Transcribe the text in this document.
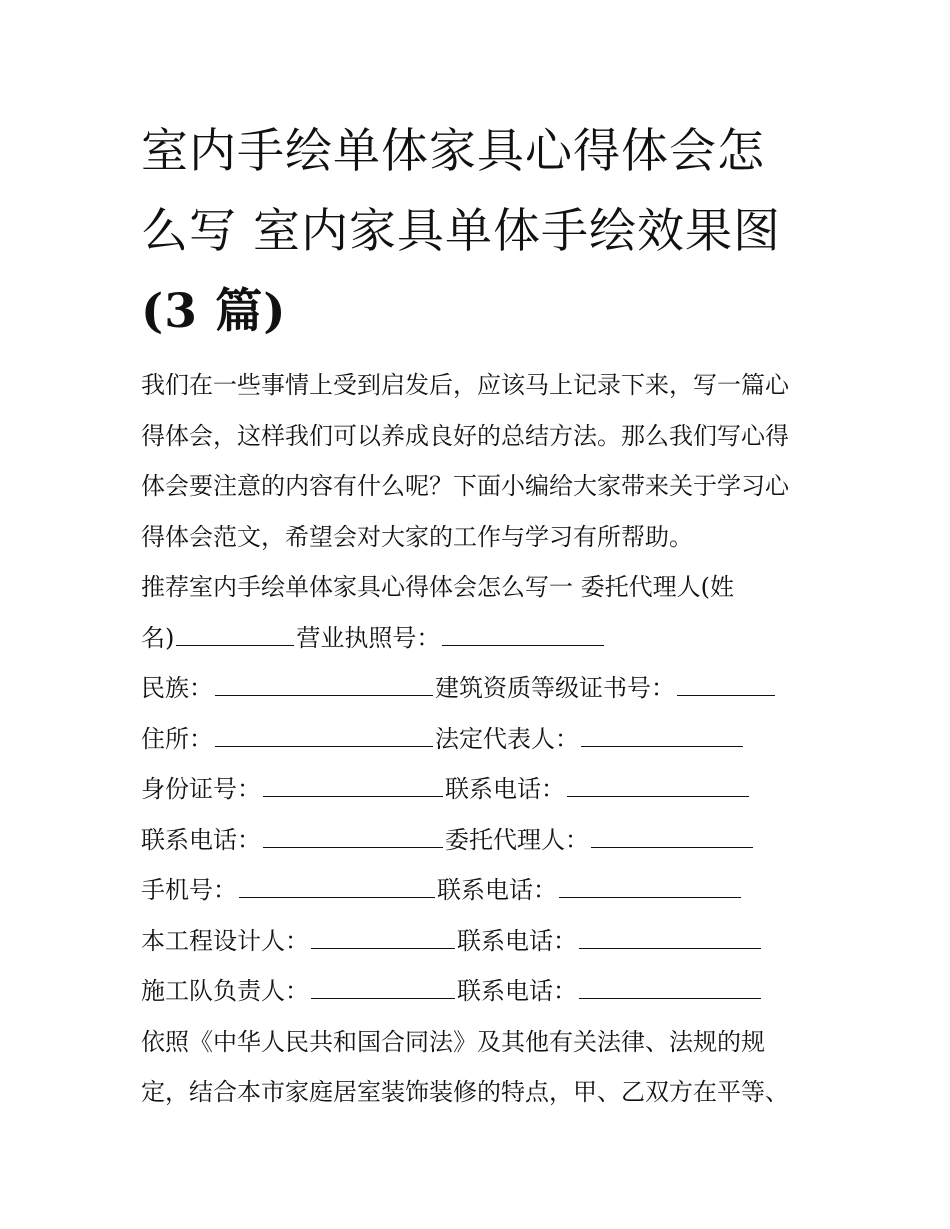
室内手绘单体家具心得体会怎
么写 室内家具单体手绘效果图
(3 篇)

我们在一些事情上受到启发后，应该马上记录下来，写一篇心

得体会，这样我们可以养成良好的总结方法。那么我们写心得

体会要注意的内容有什么呢？下面小编给大家带来关于学习心

得体会范文，希望会对大家的工作与学习有所帮助。

推荐室内手绘单体家具心得体会怎么写一 委托代理人(姓

名)	营业执照号：

民族：	建筑资质等级证书号：

住所：	法定代表人：

身份证号：	联系电话：

联系电话：	委托代理人：

手机号：	联系电话：

本工程设计人：	联系电话：

施工队负责人：	联系电话：

依照《中华人民共和国合同法》及其他有关法律、法规的规

定，结合本市家庭居室装饰装修的特点，甲、乙双方在平等、
